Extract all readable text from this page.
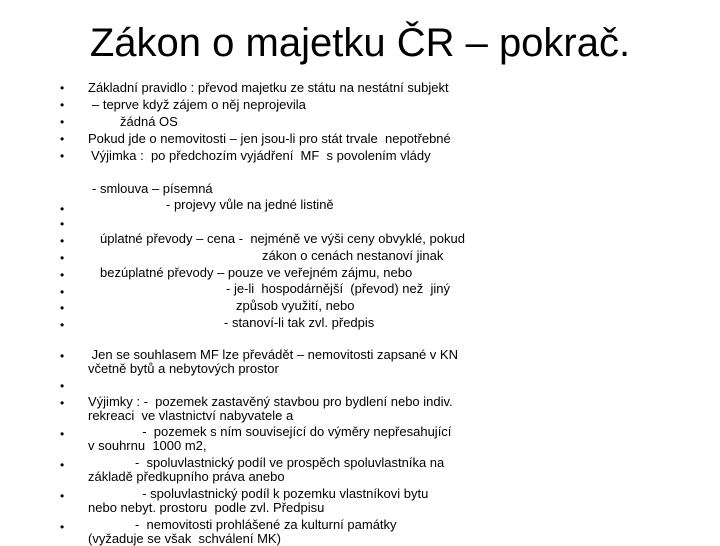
Zákon o majetku ČR – pokrač.
•
•
•
•
•
Základní pravidlo : převod majetku ze státu na nestátní subjekt
– teprve když zájem o něj neprojevila
žádná OS
Pokud jde o nemovitosti – jen jsou-li pro stát trvale  nepotřebné
Výjimka :  po předchozím vyjádření  MF  s povolením vlády
•
•
•
•
•
•
•
•
- smlouva – písemná
- projevy vůle na jedné listině
úplatné převody – cena -  nejméně ve výši ceny obvyklé, pokud
zákon o cenách nestanoví jinak
bezúplatné převody – pouze ve veřejném zájmu, nebo
- je-li  hospodárnější  (převod) než  jiný
způsob využití, nebo
- stanoví-li tak zvl. předpis
•
•
•
•
•
•
•
Jen se souhlasem MF lze převádět – nemovitosti zapsané v KN
včetně bytů a nebytových prostor
Výjimky : -  pozemek zastavěný stavbou pro bydlení nebo indiv.
rekreaci  ve vlastnictví nabyvatele a
-  pozemek s ním související do výměry nepřesahující
v souhrnu  1000 m2,
-  spoluvlastnický podíl ve prospěch spoluvlastníka na
základě předkupního práva anebo
- spoluvlastnický podíl k pozemku vlastníkovi bytu
nebo nebyt. prostoru  podle zvl. Předpisu
-  nemovitosti prohlášené za kulturní památky
(vyžaduje se však  schválení MK)
